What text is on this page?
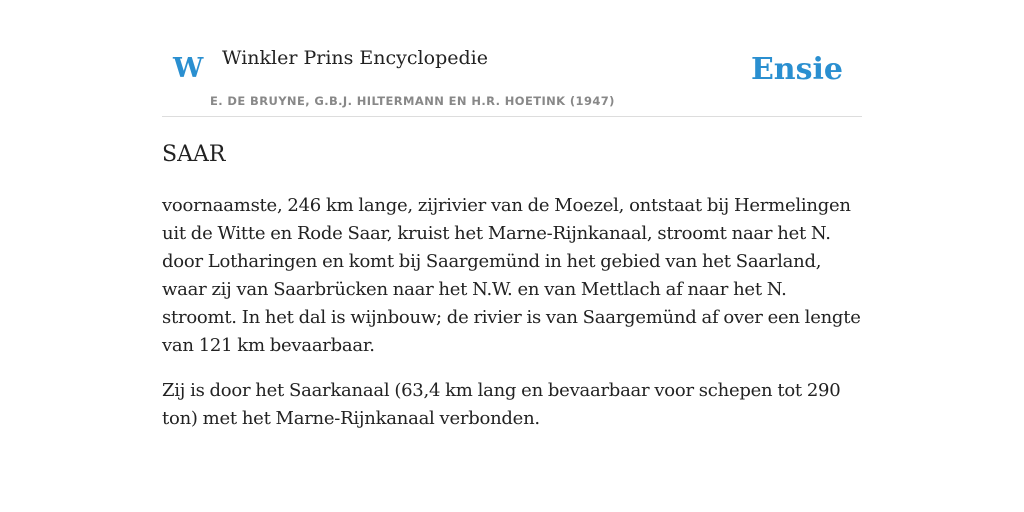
W Winkler Prins Encyclopedie
E. DE BRUYNE, G.B.J. HILTERMANN EN H.R. HOETINK (1947)
Ensie
SAAR

voornaamste, 246 km lange, zijrivier van de Moezel, ontstaat bij Hermelingen uit de Witte en Rode Saar, kruist het Marne-Rijnkanaal, stroomt naar het N. door Lotharingen en komt bij Saargemünd in het gebied van het Saarland, waar zij van Saarbrücken naar het N.W. en van Mettlach af naar het N. stroomt. In het dal is wijnbouw; de rivier is van Saargemünd af over een lengte van 121 km bevaarbaar.

Zij is door het Saarkanaal (63,4 km lang en bevaarbaar voor schepen tot 290 ton) met het Marne-Rijnkanaal verbonden.
